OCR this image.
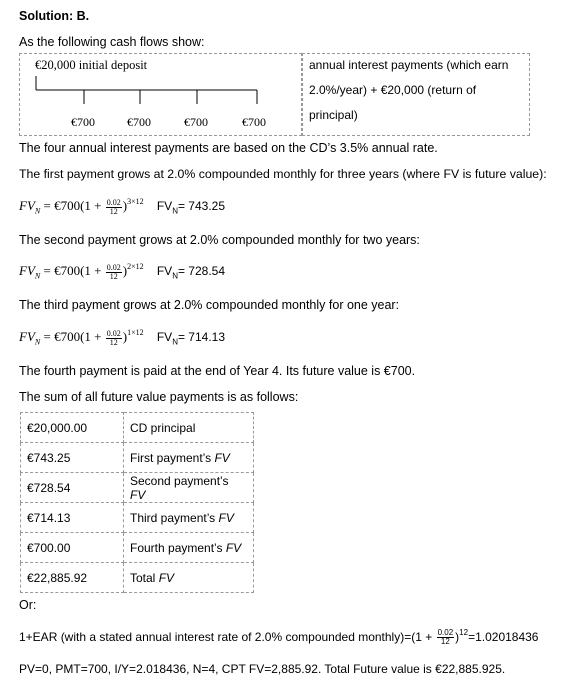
Solution: B.
As the following cash flows show:
€20,000 initial deposit
€700	€700	€700	€700
annual interest payments (which earn
2.0%/year) + €20,000 (return of
principal)
The four annual interest payments are based on the CD’s 3.5% annual rate.
The first payment grows at 2.0% compounded monthly for three years (where FV is future value):
$FV_N$ = €700(1 + $\frac{0.02}{12} )^{3\times 12}$ $FV_N= 743.25$
The second payment grows at 2.0% compounded monthly for two years:
$FV_N$ = €700(1 + $\frac{0.02}{12} )^{2\times 12}$ $FV_N= 728.54$
The third payment grows at 2.0% compounded monthly for one year:
$FV_N$ = €700(1 + $\frac{0.02}{12} )^{1\times 12}$ $FV_N= 714.13$
The fourth payment is paid at the end of Year 4. Its future value is €700.
The sum of all future value payments is as follows:
€20,000.00	CD principal
€743.25	First payment’s FV
€728.54	Second payment’s FV
€714.13	Third payment’s FV
€700.00	Fourth payment’s FV
€22,885.92	Total FV
Or:
1+EAR (with a stated annual interest rate of 2.0% compounded monthly)=(1 + $\frac{0.02}{12} )^{12}=1.02018436$
PV=0, PMT=700, I/Y=2.018436, N=4, CPT FV=2,885.92. Total Future value is €22,885.925.
